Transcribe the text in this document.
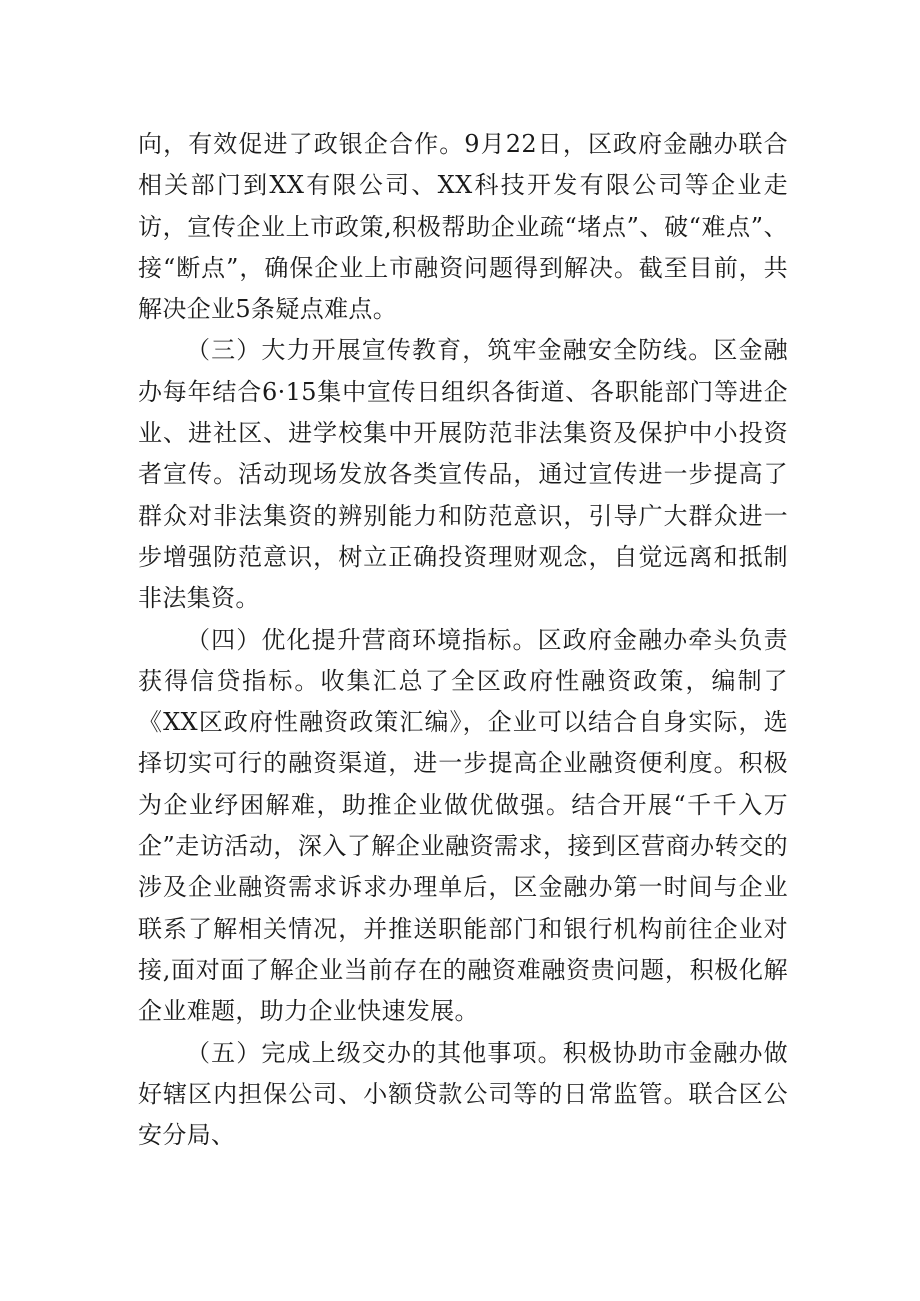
向，有效促进了政银企合作。9月22日，区政府金融办联合相关部门到XX有限公司、XX科技开发有限公司等企业走访，宣传企业上市政策,积极帮助企业疏“堵点”、破“难点”、接“断点”，确保企业上市融资问题得到解决。截至目前，共解决企业5条疑点难点。

（三）大力开展宣传教育，筑牢金融安全防线。区金融办每年结合6·15集中宣传日组织各街道、各职能部门等进企业、进社区、进学校集中开展防范非法集资及保护中小投资者宣传。活动现场发放各类宣传品，通过宣传进一步提高了群众对非法集资的辨别能力和防范意识，引导广大群众进一步增强防范意识，树立正确投资理财观念，自觉远离和抵制非法集资。

（四）优化提升营商环境指标。区政府金融办牵头负责获得信贷指标。收集汇总了全区政府性融资政策，编制了《XX区政府性融资政策汇编》，企业可以结合自身实际，选择切实可行的融资渠道，进一步提高企业融资便利度。积极为企业纾困解难，助推企业做优做强。结合开展“千千入万企”走访活动，深入了解企业融资需求，接到区营商办转交的涉及企业融资需求诉求办理单后，区金融办第一时间与企业联系了解相关情况，并推送职能部门和银行机构前往企业对接,面对面了解企业当前存在的融资难融资贵问题，积极化解企业难题，助力企业快速发展。

（五）完成上级交办的其他事项。积极协助市金融办做好辖区内担保公司、小额贷款公司等的日常监管。联合区公安分局、
